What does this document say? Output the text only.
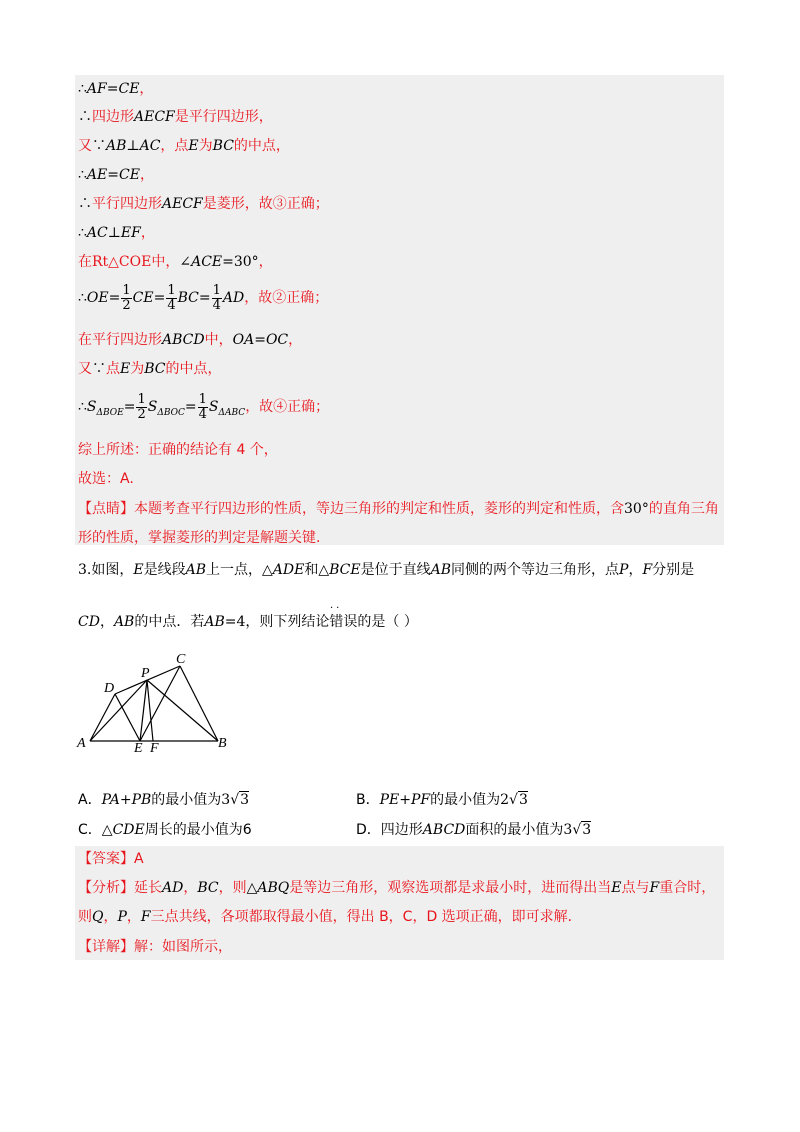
∴AF=CE，
∴四边形AECF是平行四边形，
又∵AB⊥AC，点E为BC的中点，
∴AE=CE，
∴平行四边形AECF是菱形，故③正确；
∴AC⊥EF，
在Rt△COE中，∠ACE=30°，
∴OE= $\frac{1}{2} CE= \frac{1}{4} BC= \frac{1}{4}$ AD，故②正确；
在平行四边形ABCD中，OA=OC，
又∵点E为BC的中点，
$\therefore S_{\Delta BOE}= \frac{1}{2} S_{\Delta BOC}= \frac{1}{4} S_{\Delta ABC}$，故④正确；
综上所述：正确的结论有 4 个，
故选：A.
【点睛】本题考查平行四边形的性质，等边三角形的判定和性质，菱形的判定和性质，含30°的直角三角
形的性质，掌握菱形的判定是解题关键.
3.如图，E是线段AB上一点，△ADE和△BCE是位于直线AB同侧的两个等边三角形，点P，F分别是
··
CD，AB的中点．若AB=4，则下列结论错误的是（ ）
C
P
D
A	E F	B
A．PA+PB的最小值为3√3	B．PE+PF的最小值为2√3
C．△CDE周长的最小值为6	D．四边形ABCD面积的最小值为3√3
【答案】A
【分析】延长AD，BC，则△ABQ是等边三角形，观察选项都是求最小时，进而得出当E点与F重合时，
则Q，P，F三点共线，各项都取得最小值，得出 B，C，D 选项正确，即可求解．
【详解】解：如图所示，
